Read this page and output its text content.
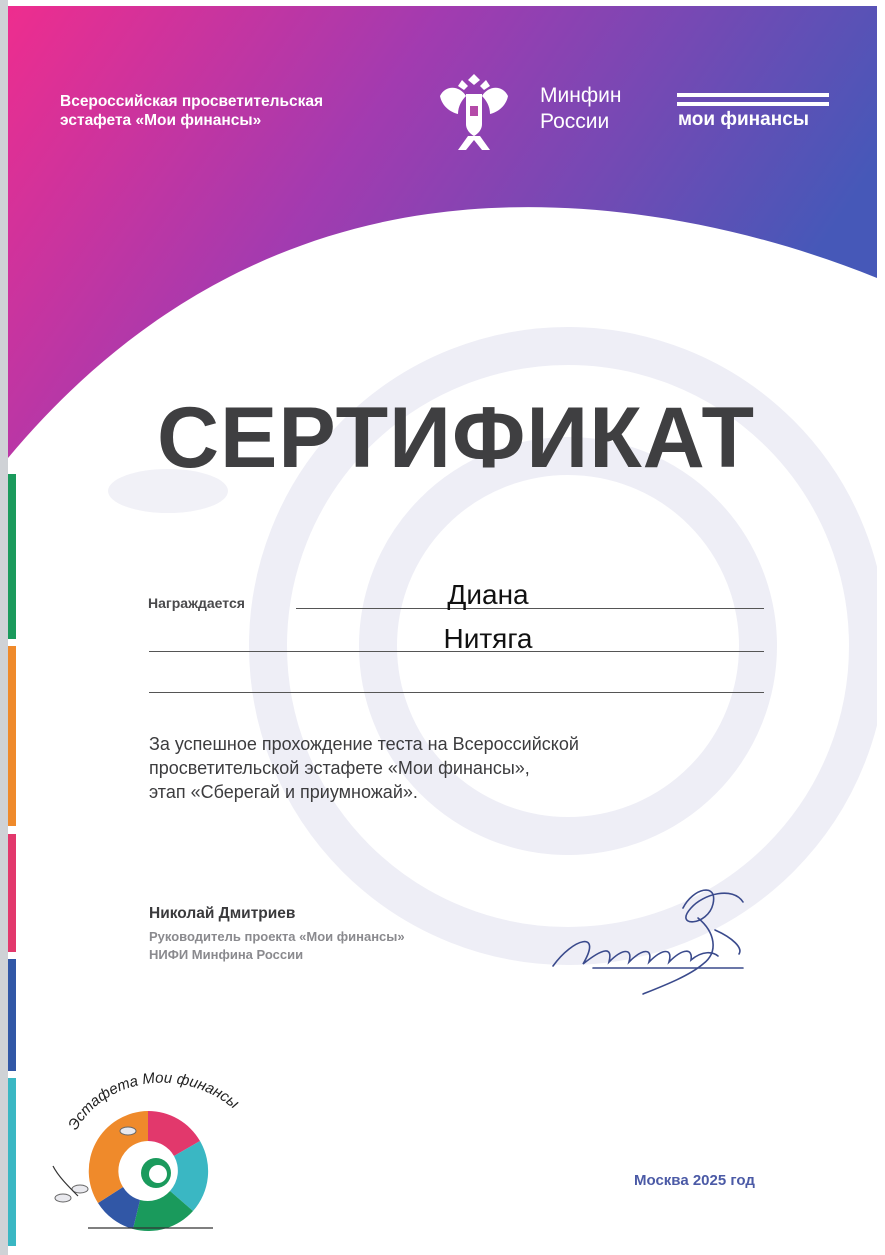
Всероссийская просветительская
эстафета «Мои финансы»
Минфин
России	мои финансы
СЕРТИФИКАТ
Награждается	Диана
Нитяга
За успешное прохождение теста на Всероссийской
просветительской эстафете «Мои финансы»,
этап «Сберегай и приумножай».
Николай Дмитриев
Руководитель проекта «Мои финансы»
НИФИ Минфина России
Эстафета Мои финансы
Москва 2025 год
